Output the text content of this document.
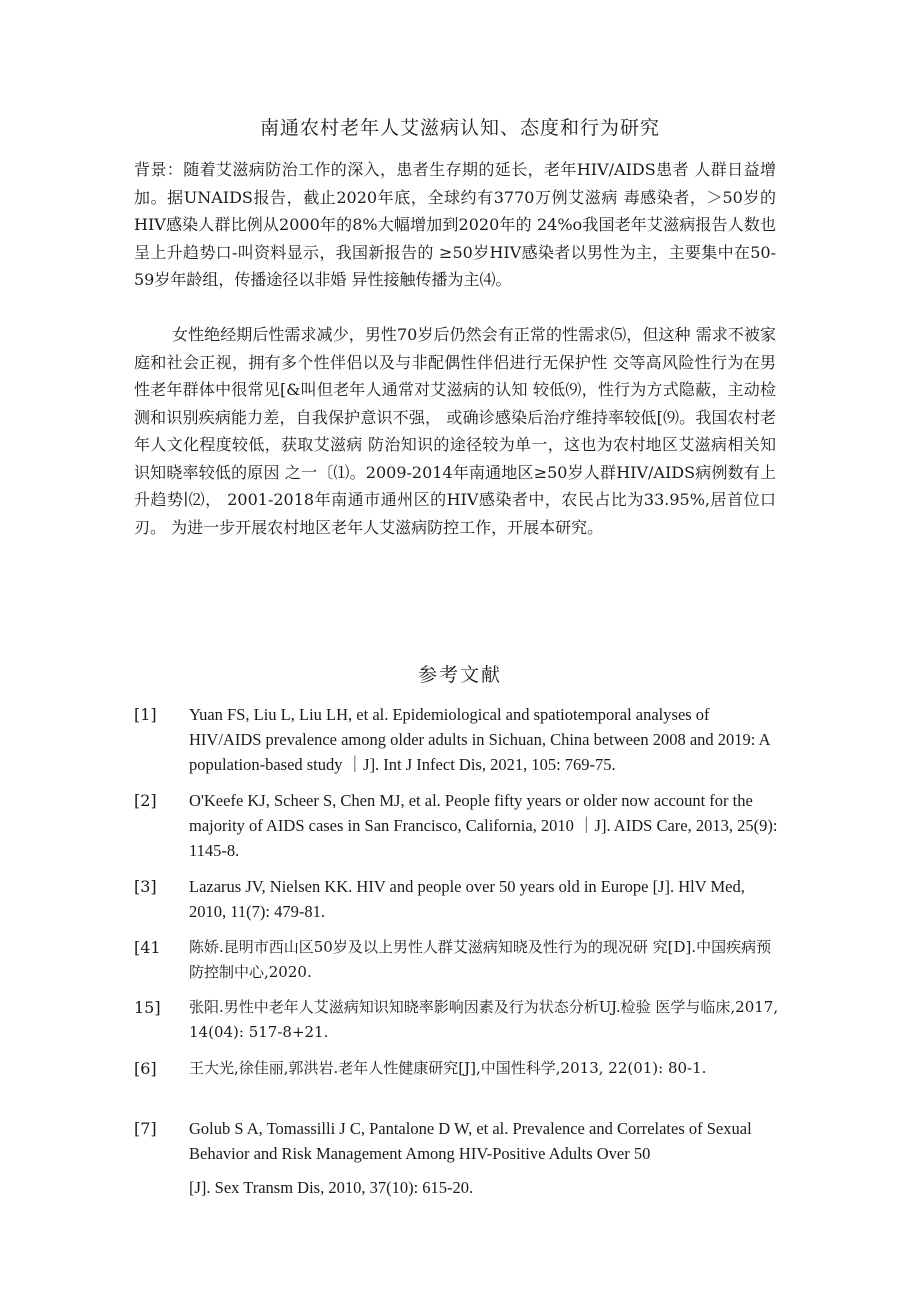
南通农村老年人艾滋病认知、态度和行为研究

背景：随着艾滋病防治工作的深入，患者生存期的延长，老年HIV/AIDS患者 人群日益增加。据UNAIDS报告，截止2020年底，全球约有3770万例艾滋病 毒感染者，＞50岁的HIV感染人群比例从2000年的8%大幅增加到2020年的 24%o我国老年艾滋病报告人数也呈上升趋势口-叫资料显示，我国新报告的 ≥50岁HIV感染者以男性为主，主要集中在50-59岁年龄组，传播途径以非婚 异性接触传播为主⑷。

女性绝经期后性需求减少，男性70岁后仍然会有正常的性需求⑸，但这种 需求不被家庭和社会正视，拥有多个性伴侣以及与非配偶性伴侣进行无保护性 交等高风险性行为在男性老年群体中很常见[&叫但老年人通常对艾滋病的认知 较低⑼，性行为方式隐蔽，主动检测和识别疾病能力差，自我保护意识不强， 或确诊感染后治疗维持率较低[⑼。我国农村老年人文化程度较低，获取艾滋病 防治知识的途径较为单一，这也为农村地区艾滋病相关知识知晓率较低的原因 之一〔⑴。2009-2014年南通地区≥50岁人群HIV/AIDS病例数有上升趋势∣⑵， 2001-2018年南通市通州区的HIV感染者中，农民占比为33.95%,居首位口刃。 为进一步开展农村地区老年人艾滋病防控工作，开展本研究。

参考文献
[1]	Yuan FS, Liu L, Liu LH, et al. Epidemiological and spatiotemporal analyses of HIV/AIDS prevalence among older adults in Sichuan, China between 2008 and 2019: A population-based study ｜J]. Int J Infect Dis, 2021, 105: 769-75.
[2]	O'Keefe KJ, Scheer S, Chen MJ, et al. People fifty years or older now account for the majority of AIDS cases in San Francisco, California, 2010 ｜J]. AIDS Care, 2013, 25(9): 1145-8.
[3]	Lazarus JV, Nielsen KK. HIV and people over 50 years old in Europe [J]. HlV Med, 2010, 11(7): 479-81.
[41	陈娇.昆明市西山区50岁及以上男性人群艾滋病知晓及性行为的现况研 究[D].中国疾病预防控制中心,2020.
15]	张阳.男性中老年人艾滋病知识知晓率影响因素及行为状态分析UJ.检验 医学与临床,2017, 14(04): 517-8+21.
[6]	王大光,徐佳丽,郭洪岩.老年人性健康研究[J],中国性科学,2013, 22(01): 80-1.
[7]	Golub S A, Tomassilli J C, Pantalone D W, et al. Prevalence and Correlates of Sexual Behavior and Risk Management Among HIV-Positive Adults Over 50
[J]. Sex Transm Dis, 2010, 37(10): 615-20.
